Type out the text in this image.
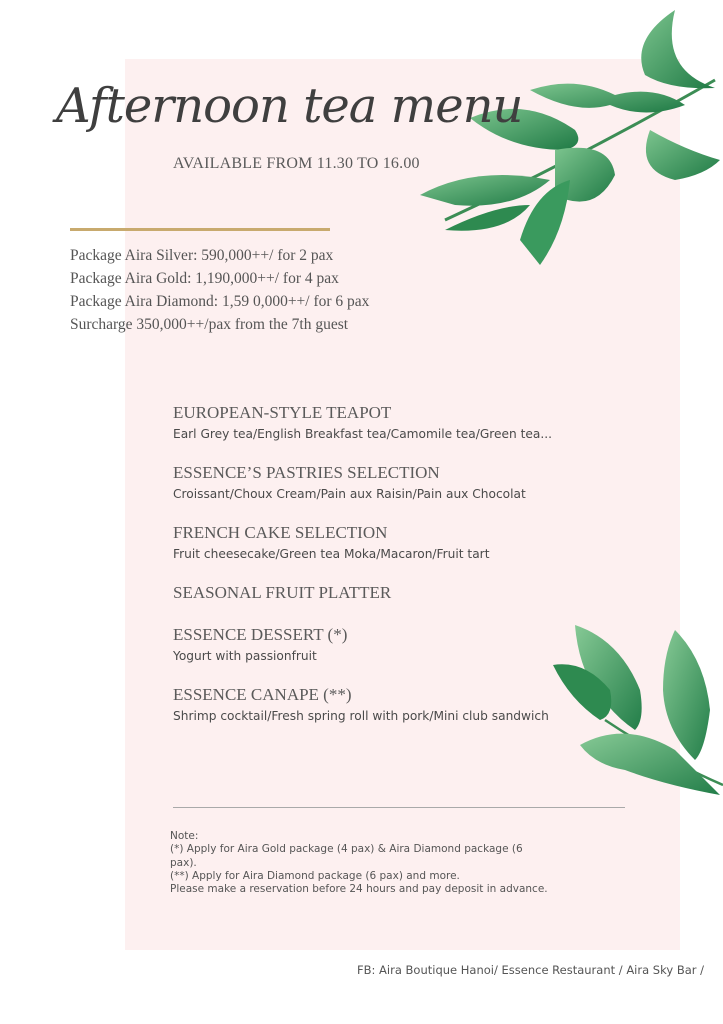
Afternoon tea menu
AVAILABLE FROM 11.30 TO 16.00
Package Aira Silver: 590,000++/ for 2 pax
Package Aira Gold: 1,190,000++/ for 4 pax
Package Aira Diamond: 1,59 0,000++/ for 6 pax
Surcharge 350,000++/pax from the 7th guest
EUROPEAN-STYLE TEAPOT
Earl Grey tea/English Breakfast tea/Camomile tea/Green tea...
ESSENCE’S PASTRIES SELECTION
Croissant/Choux Cream/Pain aux Raisin/Pain aux Chocolat
FRENCH CAKE SELECTION
Fruit cheesecake/Green tea Moka/Macaron/Fruit tart
SEASONAL FRUIT PLATTER
ESSENCE DESSERT (*)
Yogurt with passionfruit
ESSENCE CANAPE (**)
Shrimp cocktail/Fresh spring roll with pork/Mini club sandwich
Note:
(*) Apply for Aira Gold package (4 pax) & Aira Diamond package (6 pax).
(**) Apply for Aira Diamond package (6 pax) and more.
Please make a reservation before 24 hours and pay deposit in advance.
FB: Aira Boutique Hanoi/ Essence Restaurant / Aira Sky Bar /
